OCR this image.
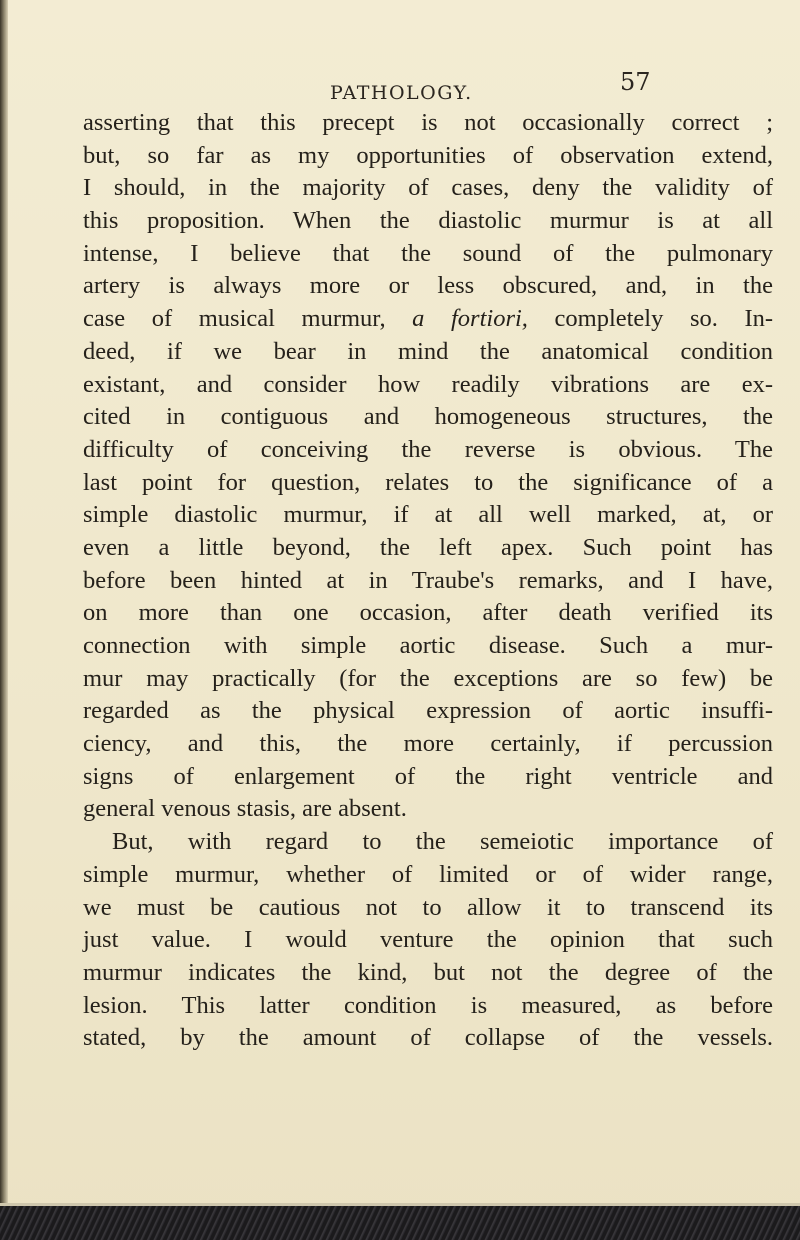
PATHOLOGY.	57
asserting that this precept is not occasionally correct ;
but, so far as my opportunities of observation extend,
I should, in the majority of cases, deny the validity of
this proposition. When the diastolic murmur is at all
intense, I believe that the sound of the pulmonary
artery is always more or less obscured, and, in the
case of musical murmur, a fortiori, completely so. In-
deed, if we bear in mind the anatomical condition
existant, and consider how readily vibrations are ex-
cited in contiguous and homogeneous structures, the
difficulty of conceiving the reverse is obvious. The
last point for question, relates to the significance of a
simple diastolic murmur, if at all well marked, at, or
even a little beyond, the left apex. Such point has
before been hinted at in Traube's remarks, and I have,
on more than one occasion, after death verified its
connection with simple aortic disease. Such a mur-
mur may practically (for the exceptions are so few) be
regarded as the physical expression of aortic insuffi-
ciency, and this, the more certainly, if percussion
signs of enlargement of the right ventricle and
general venous stasis, are absent.
But, with regard to the semeiotic importance of
simple murmur, whether of limited or of wider range,
we must be cautious not to allow it to transcend its
just value. I would venture the opinion that such
murmur indicates the kind, but not the degree of the
lesion. This latter condition is measured, as before
stated, by the amount of collapse of the vessels.
